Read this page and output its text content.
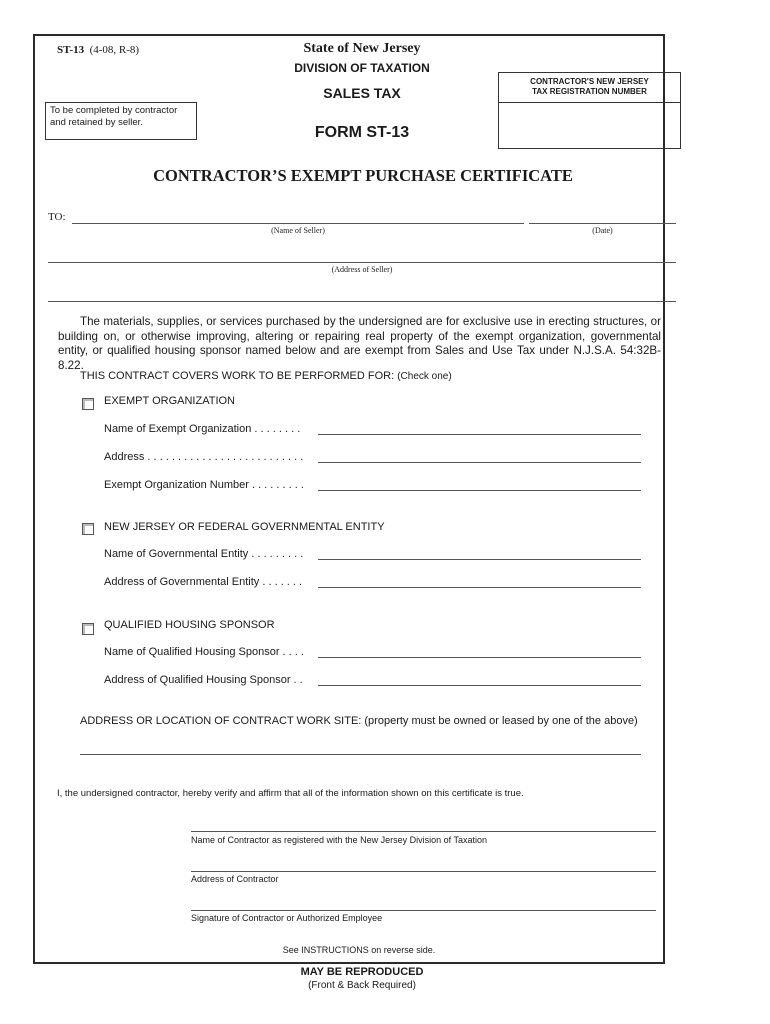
ST-13 (4-08, R-8)	State of New Jersey
DIVISION OF TAXATION
SALES TAX
FORM ST-13
To be completed by contractor
and retained by seller.
CONTRACTOR'S NEW JERSEY
TAX REGISTRATION NUMBER
CONTRACTOR’S EXEMPT PURCHASE CERTIFICATE
TO:
(Name of Seller)	(Date)
(Address of Seller)
The materials, supplies, or services purchased by the undersigned are for exclusive use in erecting structures, or building on, or otherwise improving, altering or repairing real property of the exempt organization, governmental entity, or qualified housing sponsor named below and are exempt from Sales and Use Tax under N.J.S.A. 54:32B-8.22.
THIS CONTRACT COVERS WORK TO BE PERFORMED FOR: (Check one)
EXEMPT ORGANIZATION
Name of Exempt Organization . . . . . . . .
Address . . . . . . . . . . . . . . . . . . . . . . . . . .
Exempt Organization Number . . . . . . . . .
NEW JERSEY OR FEDERAL GOVERNMENTAL ENTITY
Name of Governmental Entity . . . . . . . . .
Address of Governmental Entity . . . . . . .
QUALIFIED HOUSING SPONSOR
Name of Qualified Housing Sponsor . . . .
Address of Qualified Housing Sponsor . .
ADDRESS OR LOCATION OF CONTRACT WORK SITE: (property must be owned or leased by one of the above)
I, the undersigned contractor, hereby verify and affirm that all of the information shown on this certificate is true.
Name of Contractor as registered with the New Jersey Division of Taxation
Address of Contractor
Signature of Contractor or Authorized Employee
See INSTRUCTIONS on reverse side.
MAY BE REPRODUCED
(Front & Back Required)
